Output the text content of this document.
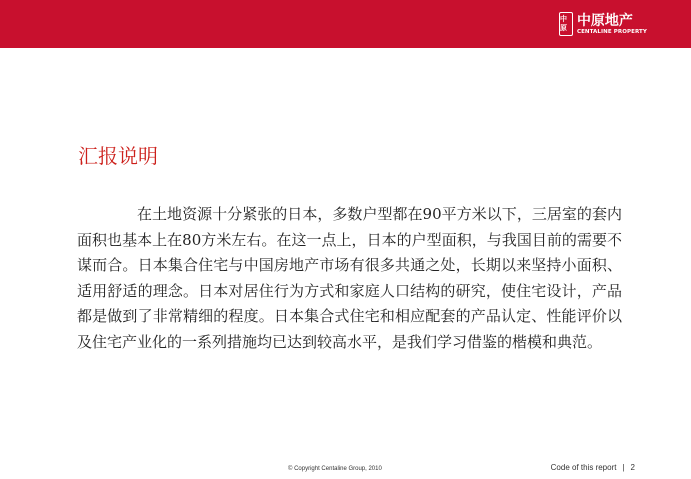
中原 中原地产
CENTALINE PROPERTY
汇报说明

在土地资源十分紧张的日本，多数户型都在90平方米以下，三居室的套内面积也基本上在80方米左右。在这一点上，日本的户型面积，与我国目前的需要不谋而合。日本集合住宅与中国房地产市场有很多共通之处，长期以来坚持小面积、适用舒适的理念。日本对居住行为方式和家庭人口结构的研究，使住宅设计，产品都是做到了非常精细的程度。日本集合式住宅和相应配套的产品认定、性能评价以及住宅产业化的一系列措施均已达到较高水平，是我们学习借鉴的楷模和典范。

© Copyright Centaline Group, 2010	Code of this report | 2
